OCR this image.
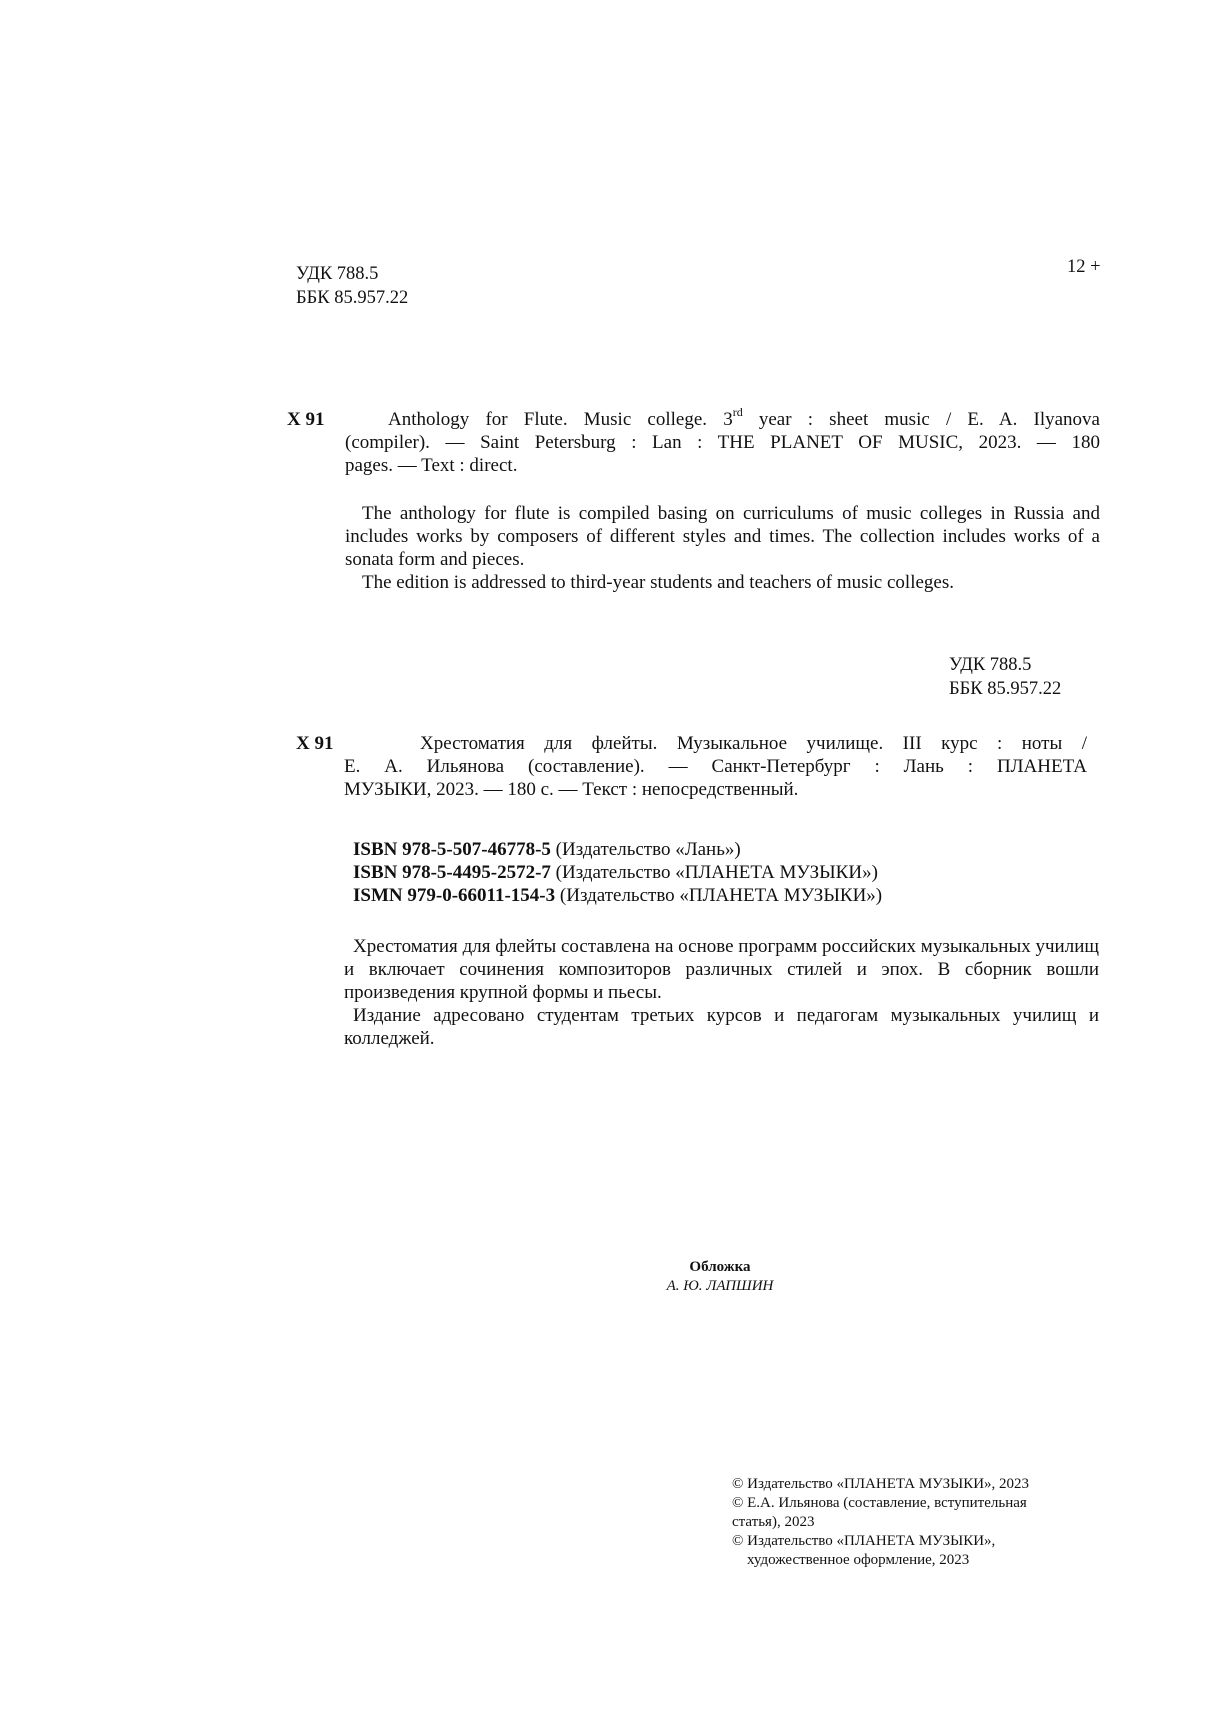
УДК 788.5
ББК 85.957.22
12 +
Х 91	Anthology for Flute. Music college. 3rd year : sheet music / E. A. Ilyanova
(compiler). — Saint Petersburg : Lan : THE PLANET OF MUSIC, 2023. — 180
pages. — Text : direct.

The anthology for flute is compiled basing on curriculums of music colleges in Russia and includes works by composers of different styles and times. The collection includes works of a sonata form and pieces.

The edition is addressed to third-year students and teachers of music colleges.

УДК 788.5
ББК 85.957.22
Х 91	Хрестоматия для флейты. Музыкальное училище. III курс : ноты /
Е. А. Ильянова (составление). — Санкт-Петербург : Лань : ПЛАНЕТА
МУЗЫКИ, 2023. — 180 с. — Текст : непосредственный.
ISBN 978-5-507-46778-5 (Издательство «Лань»)
ISBN 978-5-4495-2572-7 (Издательство «ПЛАНЕТА МУЗЫКИ»)
ISMN 979-0-66011-154-3 (Издательство «ПЛАНЕТА МУЗЫКИ»)

Хрестоматия для флейты составлена на основе программ российских музыкальных училищ и включает сочинения композиторов различных стилей и эпох. В сборник вошли произведения крупной формы и пьесы.

Издание адресовано студентам третьих курсов и педагогам музыкальных училищ и колледжей.

Обложка
А. Ю. ЛАПШИН
© Издательство «ПЛАНЕТА МУЗЫКИ», 2023
© Е.А. Ильянова (составление, вступительная
статья), 2023
© Издательство «ПЛАНЕТА МУЗЫКИ»,
художественное оформление, 2023
